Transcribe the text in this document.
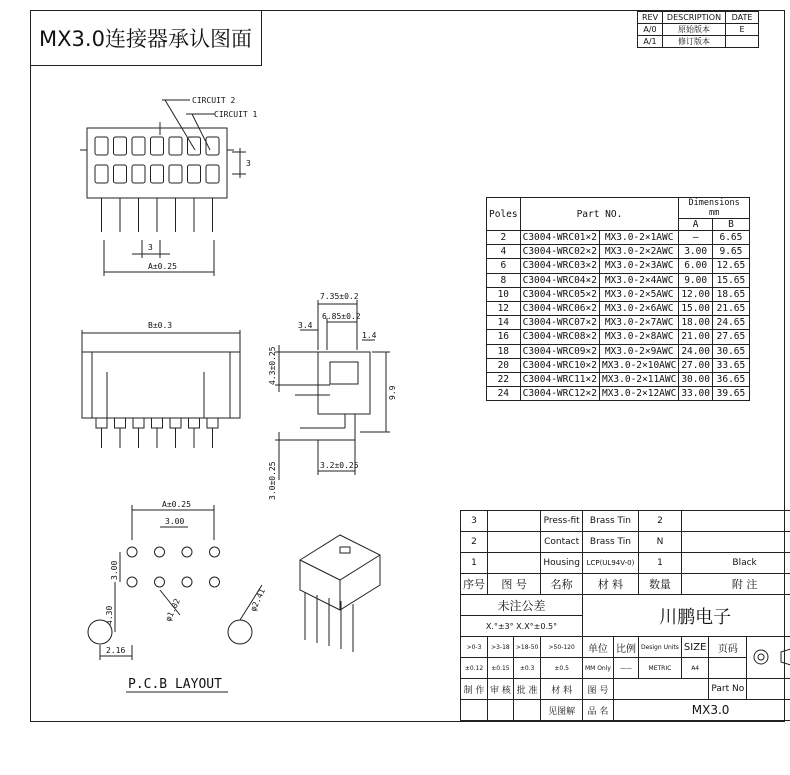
MX3.0连接器承认图面
REV	DESCRIPTION	DATE
A/0	原始版本	E
A/1	修订版本	
CIRCUIT 2
CIRCUIT 1
3
3
A±0.25
B±0.3
7.35±0.2
6.85±0.2
3.4
1.4
4.3±0.25
9.9
3.0±0.25	3.2±0.25
A±0.25
3.00
3.00
4.30
2.16
φ1.02	φ2.41
P.C.B LAYOUT
Poles	Part NO.		Dimensions mm	
			A	B
2	C3004-WRC01×2	MX3.0-2×1AWC	—	6.65
4	C3004-WRC02×2	MX3.0-2×2AWC	3.00	9.65
6	C3004-WRC03×2	MX3.0-2×3AWC	6.00	12.65
8	C3004-WRC04×2	MX3.0-2×4AWC	9.00	15.65
10	C3004-WRC05×2	MX3.0-2×5AWC	12.00	18.65
12	C3004-WRC06×2	MX3.0-2×6AWC	15.00	21.65
14	C3004-WRC07×2	MX3.0-2×7AWC	18.00	24.65
16	C3004-WRC08×2	MX3.0-2×8AWC	21.00	27.65
18	C3004-WRC09×2	MX3.0-2×9AWC	24.00	30.65
20	C3004-WRC10×2	MX3.0-2×10AWC	27.00	33.65
22	C3004-WRC11×2	MX3.0-2×11AWC	30.00	36.65
24	C3004-WRC12×2	MX3.0-2×12AWC	33.00	39.65
3			Press-fit	Brass Tin		2			
2			Contact	Brass Tin		N			
1			Housing	LCP(UL94V-0)		1	Black		
序号	图 号		名称	材 料		数量	附 注		
未注公差				川鹏电子					
X.°±3° X.X°±0.5°									
>0-3	>3-18	>18-50	>50-120	单位	比例	Design Units	SIZE	页码	
±0.12	±0.15	±0.3	±0.5	MM Only	——	METRIC	A4		
制 作	审 核	批 准	材 料	图 号				Part No	
			见图解	品 名	MX3.0				
